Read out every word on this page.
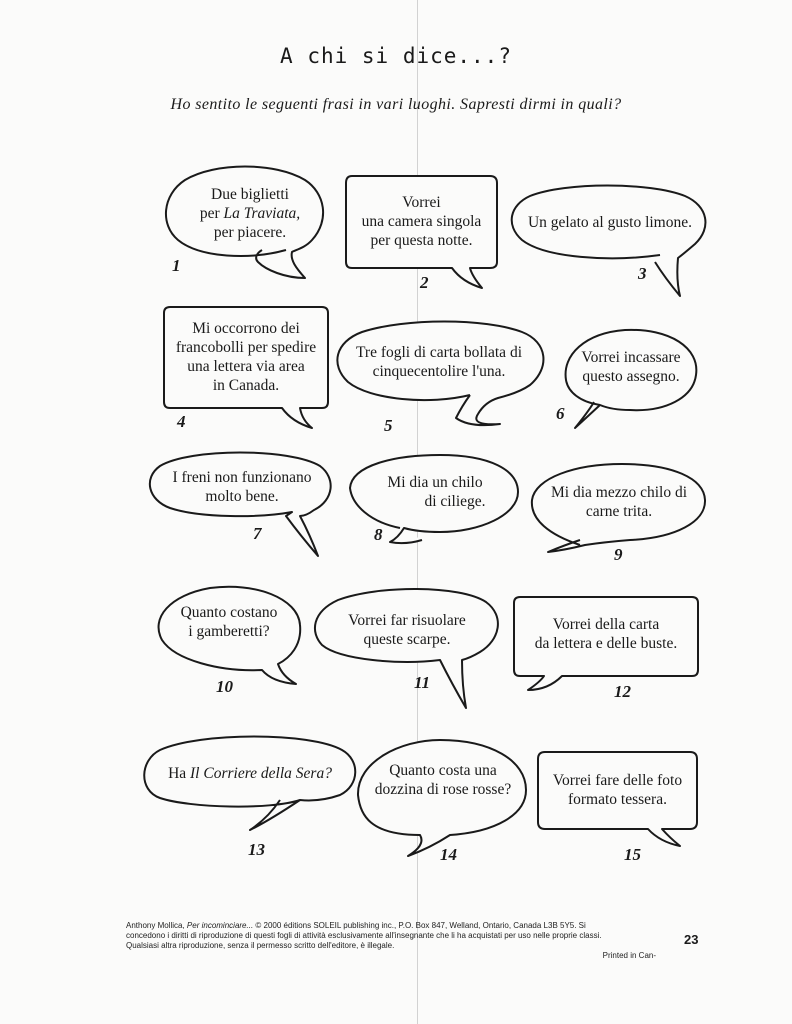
A chi si dice...?
Ho sentito le seguenti frasi in vari luoghi. Sapresti dirmi in quali?
Due biglietti
per La Traviata,
per piacere.
Vorrei
una camera singola
per questa notte.
Un gelato al gusto limone.
Mi occorrono dei
francobolli per spedire
una lettera via area
in Canada.
Tre fogli di carta bollata di
cinquecentolire l'una.
Vorrei incassare
questo assegno.
I freni non funzionano
molto bene.
Mi dia un chilo
di ciliege.
Mi dia mezzo chilo di
carne trita.
Quanto costano
i gamberetti?
Vorrei far risuolare
queste scarpe.
Vorrei della carta
da lettera e delle buste.
Ha Il Corriere della Sera?	Quanto costa una
dozzina di rose rosse?
Vorrei fare delle foto
formato tessera.
1
2	3
4	5
6
7	8
9
10	11	12
13	14	15
Anthony Mollica, Per incominciare... © 2000 éditions SOLEIL publishing inc., P.O. Box 847, Welland, Ontario, Canada L3B 5Y5. Si
concedono i diritti di riproduzione di questi fogli di attività esclusivamente all'insegnante che li ha acquistati per uso nelle proprie classi.
Qualsiasi altra riproduzione, senza il permesso scritto dell'editore, è illegale.
Printed in Can-
23
